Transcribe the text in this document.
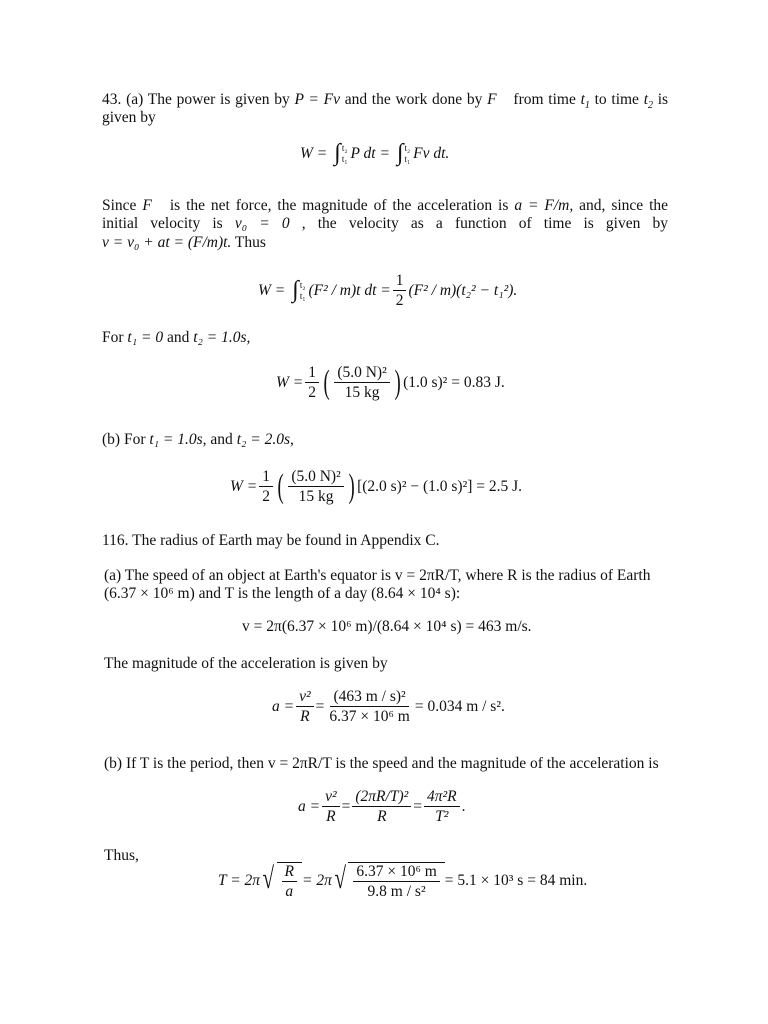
43. (a) The power is given by P = Fv and the work done by F⃗ from time $t_1$ to time $t_2$ is
given by
W = ∫ t₂
t₁ P dt = ∫ t₂
t₁ Fv dt.
Since F⃗ is the net force, the magnitude of the acceleration is a = F/m, and, since the
initial velocity is v₀ = 0 , the velocity as a function of time is given by
v = v₀ + at = (F/m)t. Thus
W = ∫ t₂
t₁ (F² / m)t dt = $\frac{1}{2} (F^2 / m)(t_2^2 - t_1^2)$.
For t₁ = 0 and t₂ = 1.0s,
$W = \frac{1}{2}$ ( $\frac{\text{(5.0 N)²}}{15 kg}$ ) (1.0 s)² = 0.83 J.
(b) For t₁ = 1.0s, and t₂ = 2.0s,
$W = \frac{1}{2}$ ( $\frac{\text{(5.0 N)²}}{15 kg}$ ) [(2.0 s)² − (1.0 s)²] = 2.5 J.
116. The radius of Earth may be found in Appendix C.
(a) The speed of an object at Earth's equator is v = 2πR/T, where R is the radius of Earth
(6.37 × 10⁶ m) and T is the length of a day (8.64 × 10⁴ s):
v = 2π(6.37 × 10⁶ m)/(8.64 × 10⁴ s) = 463 m/s.
The magnitude of the acceleration is given by
$a = \frac{\text{v²}}{R} = \frac{\text{(463 m / s)²}}{\text{6.37 × 10⁶ m}} = 0.034$ m / s².
(b) If T is the period, then v = 2πR/T is the speed and the magnitude of the acceleration is
$a = \frac{\text{v²}}{R} = \frac{\text{(2πR/T)²}}{R} = \frac{\text{4π²R}}{\text{T²}}$ .
Thus,
T = 2π √ $\frac{R}{a} = 2\pi$ √ $\frac{\text{6.37 × 10⁶ m}}{\text{9.8 m / s²}} = 5.1 \times 10^3$ s = 84 min.
